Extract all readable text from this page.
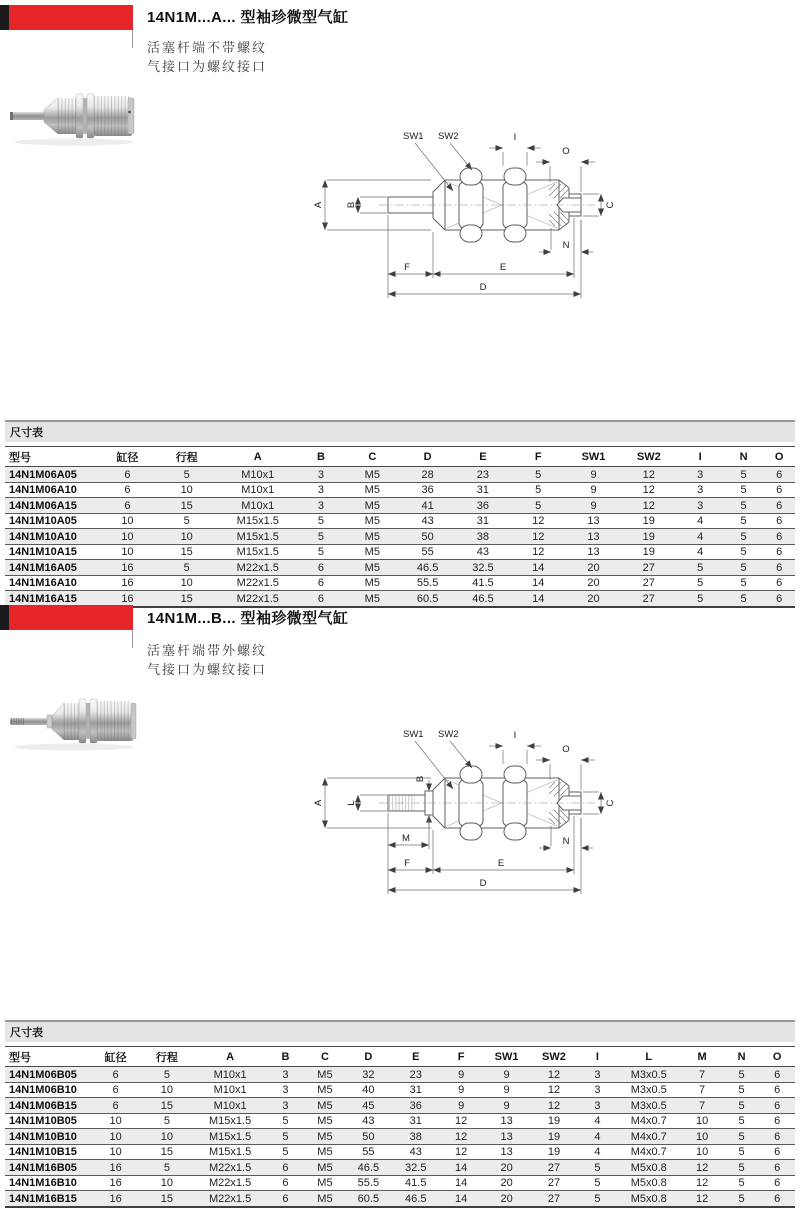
14N1M...A... 型袖珍微型气缸
活塞杆端不带螺纹
气接口为螺纹接口
A B	C
I
O
N
F	E
D
SW1 SW2
尺寸表
型号	缸径	行程	A	B	C	D	E	F	SW1	SW2	I	N	O
14N1M06A05	6	5	M10x1	3	M5	28	23	5	9	12	3	5	6
14N1M06A10	6	10	M10x1	3	M5	36	31	5	9	12	3	5	6
14N1M06A15	6	15	M10x1	3	M5	41	36	5	9	12	3	5	6
14N1M10A05	10	5	M15x1.5	5	M5	43	31	12	13	19	4	5	6
14N1M10A10	10	10	M15x1.5	5	M5	50	38	12	13	19	4	5	6
14N1M10A15	10	15	M15x1.5	5	M5	55	43	12	13	19	4	5	6
14N1M16A05	16	5	M22x1.5	6	M5	46.5	32.5	14	20	27	5	5	6
14N1M16A10	16	10	M22x1.5	6	M5	55.5	41.5	14	20	27	5	5	6
14N1M16A15	16	15	M22x1.5	6	M5	60.5	46.5	14	20	27	5	5	6
14N1M...B... 型袖珍微型气缸
活塞杆端带外螺纹
气接口为螺纹接口
A L
B
C
I
O
N
M
F	E
D
SW1 SW2
尺寸表
型号	缸径	行程	A	B	C	D	E	F	SW1	SW2	I	L	M	N	O
14N1M06B05	6	5	M10x1	3	M5	32	23	9	9	12	3	M3x0.5	7	5	6
14N1M06B10	6	10	M10x1	3	M5	40	31	9	9	12	3	M3x0.5	7	5	6
14N1M06B15	6	15	M10x1	3	M5	45	36	9	9	12	3	M3x0.5	7	5	6
14N1M10B05	10	5	M15x1.5	5	M5	43	31	12	13	19	4	M4x0.7	10	5	6
14N1M10B10	10	10	M15x1.5	5	M5	50	38	12	13	19	4	M4x0.7	10	5	6
14N1M10B15	10	15	M15x1.5	5	M5	55	43	12	13	19	4	M4x0.7	10	5	6
14N1M16B05	16	5	M22x1.5	6	M5	46.5	32.5	14	20	27	5	M5x0.8	12	5	6
14N1M16B10	16	10	M22x1.5	6	M5	55.5	41.5	14	20	27	5	M5x0.8	12	5	6
14N1M16B15	16	15	M22x1.5	6	M5	60.5	46.5	14	20	27	5	M5x0.8	12	5	6
